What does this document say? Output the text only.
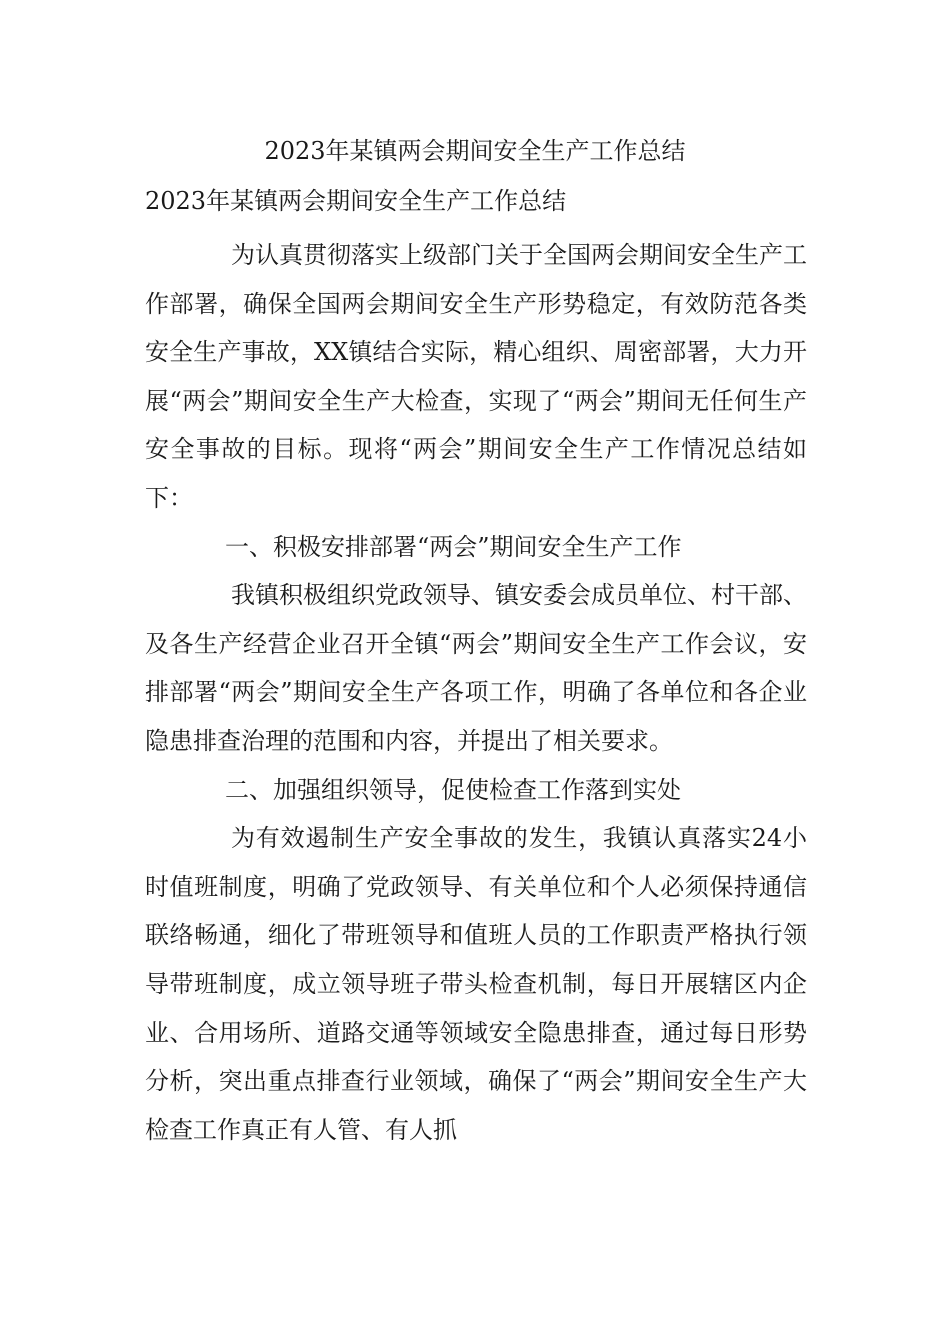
2023年某镇两会期间安全生产工作总结
2023年某镇两会期间安全生产工作总结

为认真贯彻落实上级部门关于全国两会期间安全生产工作部署，确保全国两会期间安全生产形势稳定，有效防范各类安全生产事故，XX镇结合实际，精心组织、周密部署，大力开展“两会”期间安全生产大检查，实现了“两会”期间无任何生产安全事故的目标。现将“两会”期间安全生产工作情况总结如下：

一、积极安排部署“两会”期间安全生产工作

我镇积极组织党政领导、镇安委会成员单位、村干部、及各生产经营企业召开全镇“两会”期间安全生产工作会议，安排部署“两会”期间安全生产各项工作，明确了各单位和各企业隐患排查治理的范围和内容，并提出了相关要求。

二、加强组织领导，促使检查工作落到实处

为有效遏制生产安全事故的发生，我镇认真落实24小时值班制度，明确了党政领导、有关单位和个人必须保持通信联络畅通，细化了带班领导和值班人员的工作职责严格执行领导带班制度，成立领导班子带头检查机制，每日开展辖区内企业、合用场所、道路交通等领域安全隐患排查，通过每日形势分析，突出重点排查行业领域，确保了“两会”期间安全生产大检查工作真正有人管、有人抓
